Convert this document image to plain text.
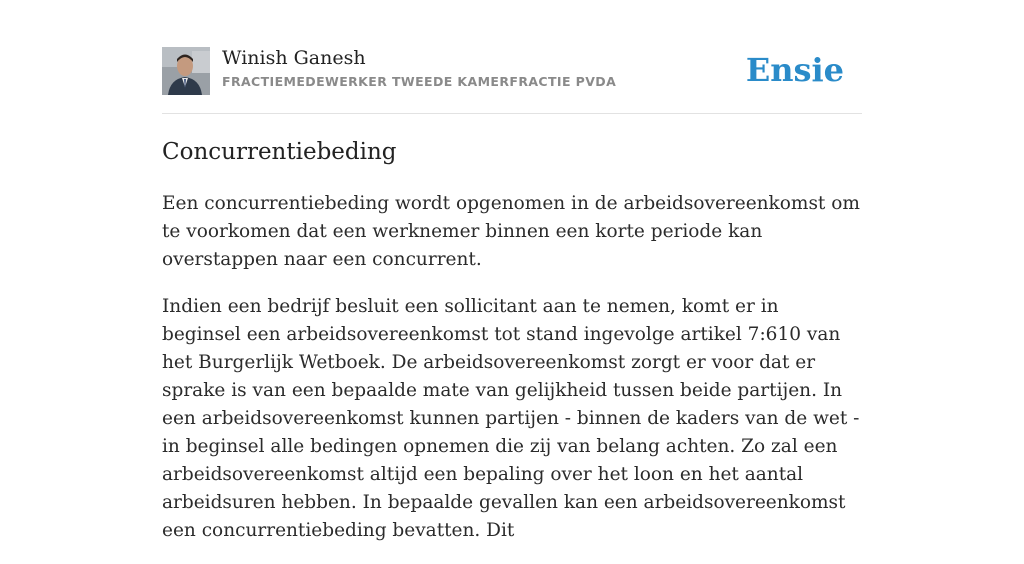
Winish Ganesh
FRACTIEMEDEWERKER TWEEDE KAMERFRACTIE PVDA	Ensie
Concurrentiebeding

Een concurrentiebeding wordt opgenomen in de arbeidsovereenkomst om te voorkomen dat een werknemer binnen een korte periode kan overstappen naar een concurrent.

Indien een bedrijf besluit een sollicitant aan te nemen, komt er in beginsel een arbeidsovereenkomst tot stand ingevolge artikel 7:610 van het Burgerlijk Wetboek. De arbeidsovereenkomst zorgt er voor dat er sprake is van een bepaalde mate van gelijkheid tussen beide partijen. In een arbeidsovereenkomst kunnen partijen - binnen de kaders van de wet - in beginsel alle bedingen opnemen die zij van belang achten. Zo zal een arbeidsovereenkomst altijd een bepaling over het loon en het aantal arbeidsuren hebben. In bepaalde gevallen kan een arbeidsovereenkomst een concurrentiebeding bevatten. Dit
